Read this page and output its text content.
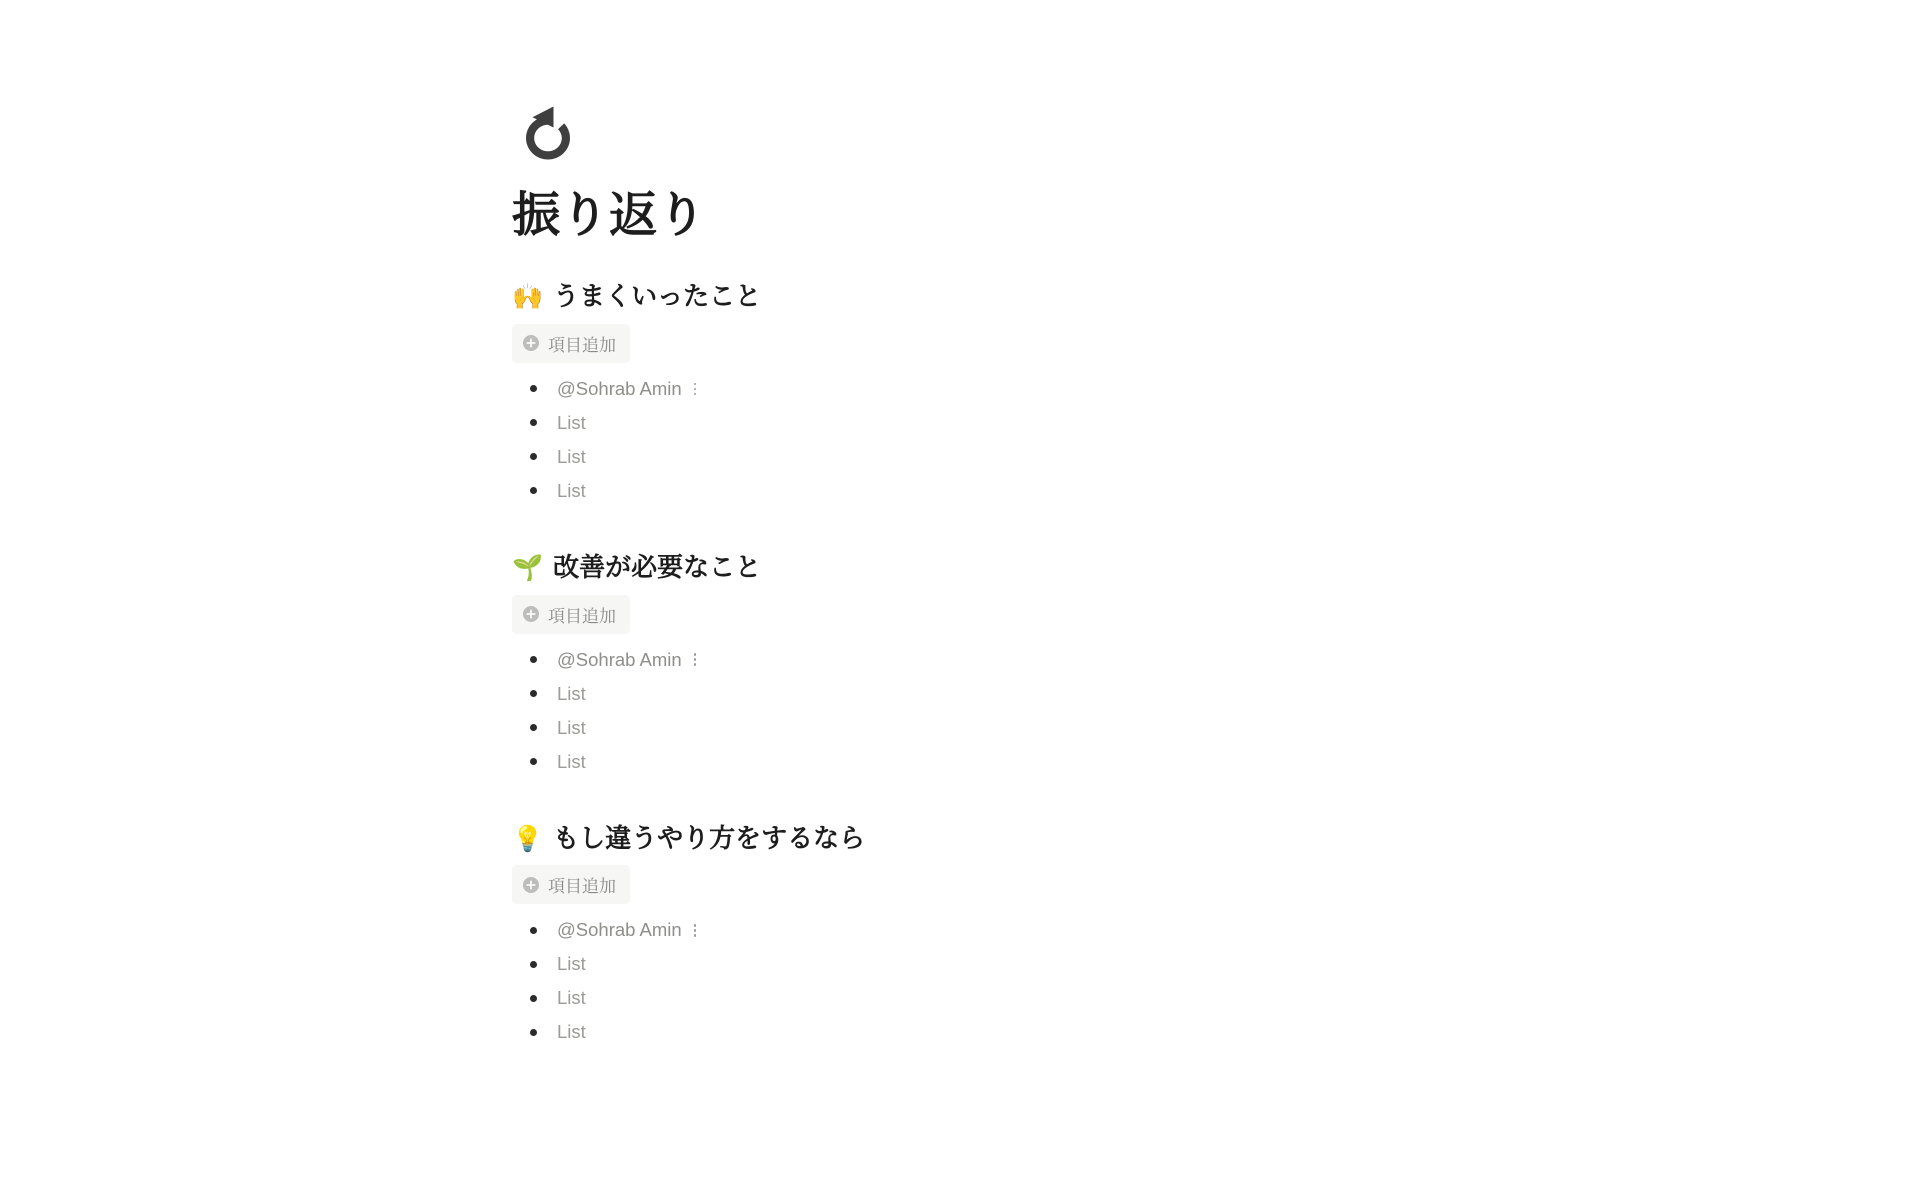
振り返り
🙌 うまくいったこと
項目追加
@Sohrab Amin
List
List
List
🌱 改善が必要なこと
項目追加
@Sohrab Amin
List
List
List
💡 もし違うやり方をするなら
項目追加
@Sohrab Amin
List
List
List
